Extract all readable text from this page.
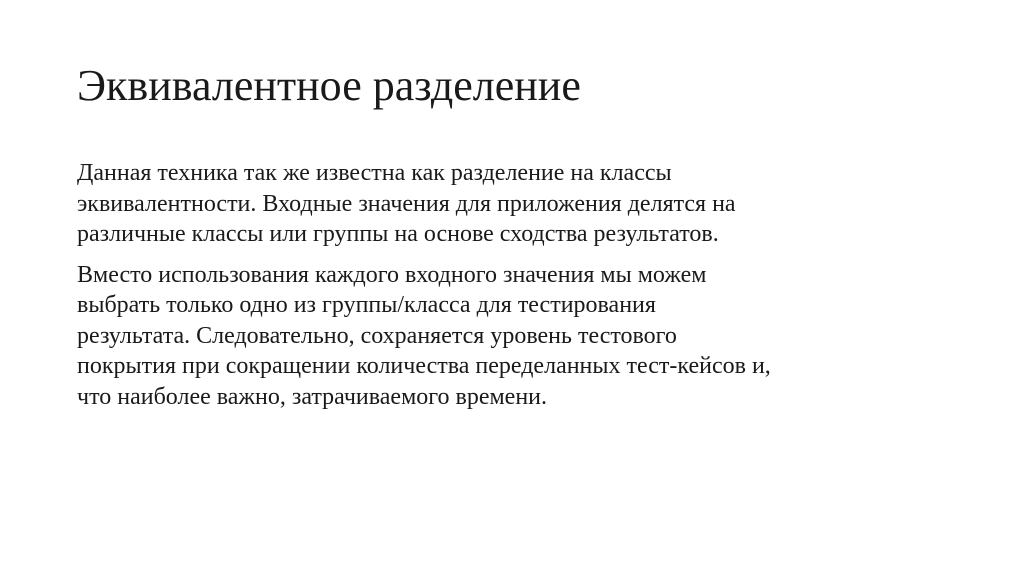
Эквивалентное разделение

Данная техника так же известна как разделение на классы
эквивалентности. Входные значения для приложения делятся на
различные классы или группы на основе сходства результатов.

Вместо использования каждого входного значения мы можем
выбрать только одно из группы/класса для тестирования
результата. Следовательно, сохраняется уровень тестового
покрытия при сокращении количества переделанных тест-кейсов и,
что наиболее важно, затрачиваемого времени.
